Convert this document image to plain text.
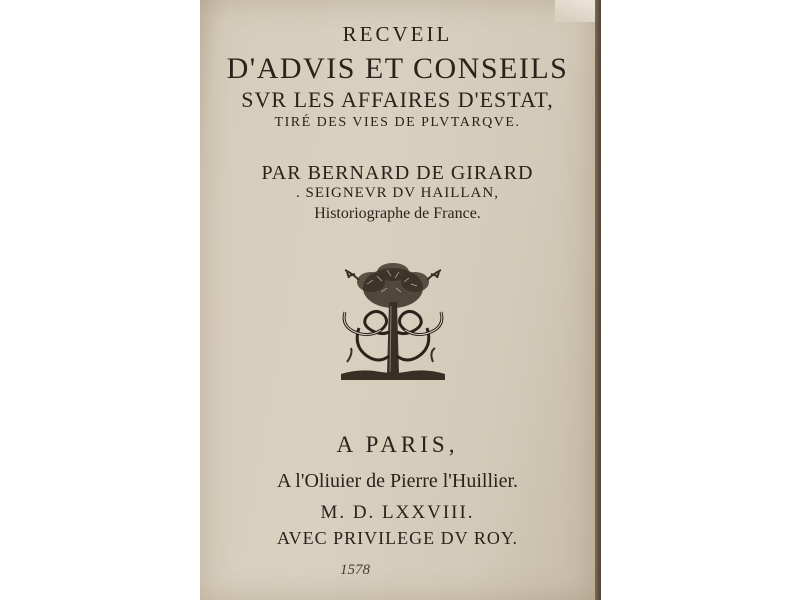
RECVEIL

D'ADVIS ET CONSEILS

SVR LES AFFAIRES D'ESTAT,

TIRÉ DES VIES DE PLVTARQVE.

PAR BERNARD DE GIRARD

. SEIGNEVR DV HAILLAN,

Historiographe de France.

A PARIS,

A l'Oliuier de Pierre l'Huillier.

M. D. LXXVIII.

AVEC PRIVILEGE DV ROY.

1578
